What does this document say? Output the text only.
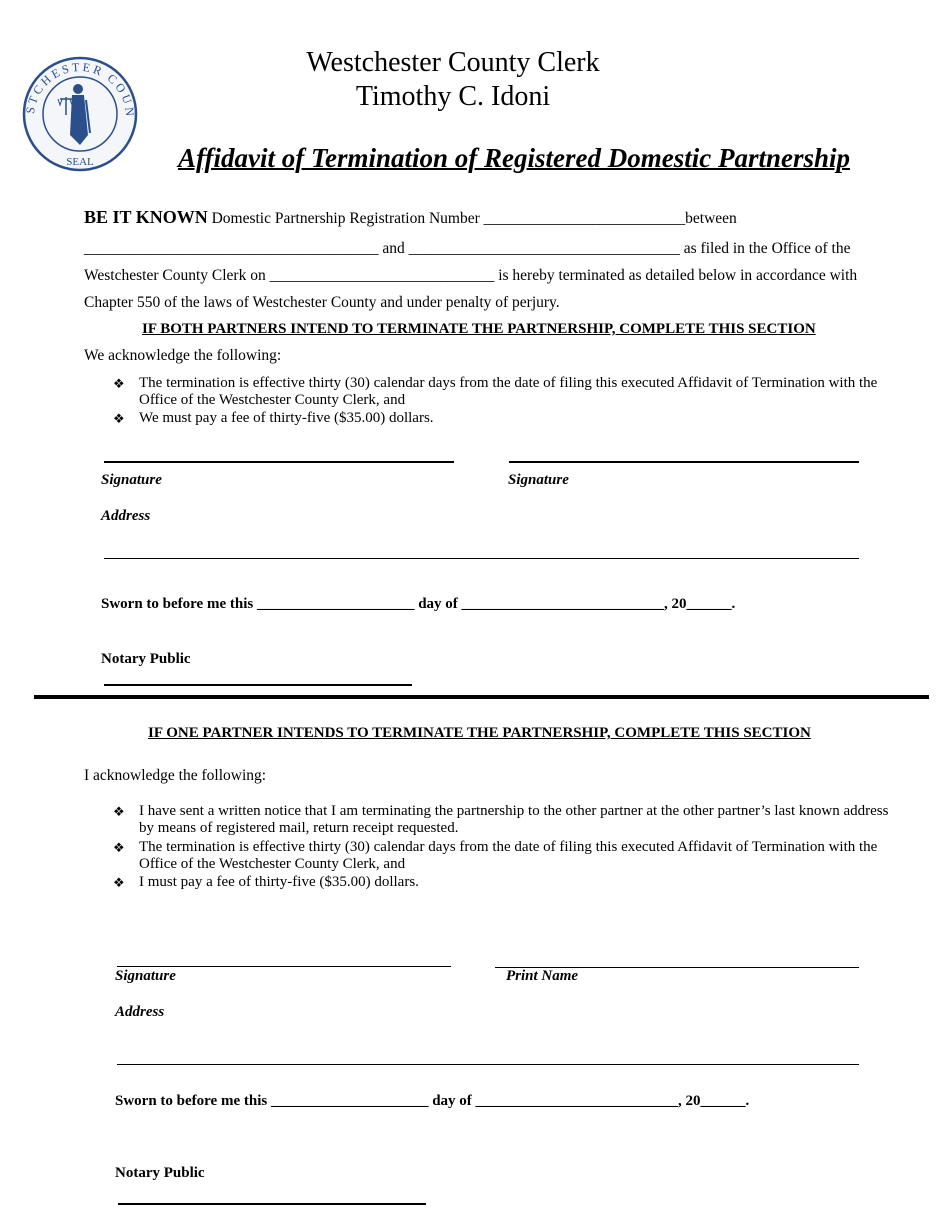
STCHESTER COUN
SEAL
Westchester County Clerk
Timothy C. Idoni
Affidavit of Termination of Registered Domestic Partnership
BE IT KNOWN Domestic Partnership Registration Number __________________________between
______________________________________ and ___________________________________ as filed in the Office of the
Westchester County Clerk on _____________________________ is hereby terminated as detailed below in accordance with
Chapter 550 of the laws of Westchester County and under penalty of perjury.
IF BOTH PARTNERS INTEND TO TERMINATE THE PARTNERSHIP, COMPLETE THIS SECTION
We acknowledge the following:
❖ The termination is effective thirty (30) calendar days from the date of filing this executed Affidavit of Termination with the Office of the Westchester County Clerk, and
❖ We must pay a fee of thirty-five ($35.00) dollars.
Signature	Signature
Address
Sworn to before me this _____________________ day of ___________________________, 20______.
Notary Public
IF ONE PARTNER INTENDS TO TERMINATE THE PARTNERSHIP, COMPLETE THIS SECTION
I acknowledge the following:
❖ I have sent a written notice that I am terminating the partnership to the other partner at the other partner’s last known address by means of registered mail, return receipt requested.
❖ The termination is effective thirty (30) calendar days from the date of filing this executed Affidavit of Termination with the Office of the Westchester County Clerk, and
❖ I must pay a fee of thirty-five ($35.00) dollars.
Signature	Print Name
Address
Sworn to before me this _____________________ day of ___________________________, 20______.
Notary Public
